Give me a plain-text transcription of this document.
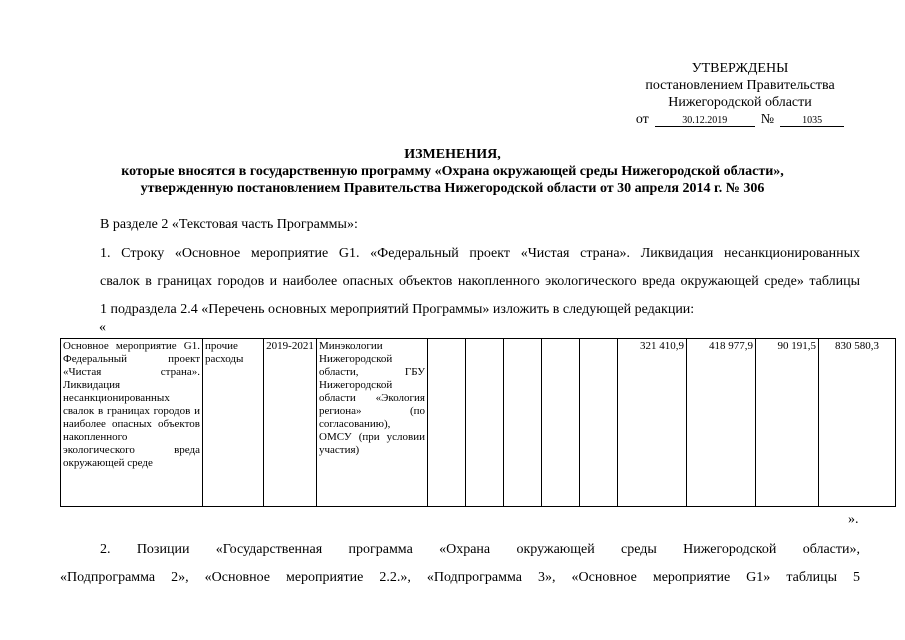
УТВЕРЖДЕНЫ
постановлением Правительства
Нижегородской области
от	30.12.2019	№	1035
ИЗМЕНЕНИЯ,
которые вносятся в государственную программу «Охрана окружающей среды Нижегородской области»,
утвержденную постановлением Правительства Нижегородской области от 30 апреля 2014 г. № 306
В разделе 2 «Текстовая часть Программы»:
1. Строку «Основное мероприятие G1. «Федеральный проект «Чистая страна». Ликвидация несанкционированных
свалок в границах городов и наиболее опасных объектов накопленного экологического вреда окружающей среде» таблицы
1 подраздела 2.4 «Перечень основных мероприятий Программы» изложить в следующей редакции:
«
Основное мероприятие G1. Федеральный проект «Чистая страна». Ликвидация несанкционированных свалок в границах городов и наиболее опасных объектов накопленного экологического вреда окружающей среде	прочие расходы	2019-2021	Минэкологии Нижегородской области, ГБУ Нижегородской области «Экология региона» (по согласованию), ОМСУ (при условии участия)						321 410,9	418 977,9	90 191,5	830 580,3
».
2. Позиции «Государственная программа «Охрана окружающей среды Нижегородской области»,
«Подпрограмма 2», «Основное мероприятие 2.2.», «Подпрограмма 3», «Основное мероприятие G1» таблицы 5
